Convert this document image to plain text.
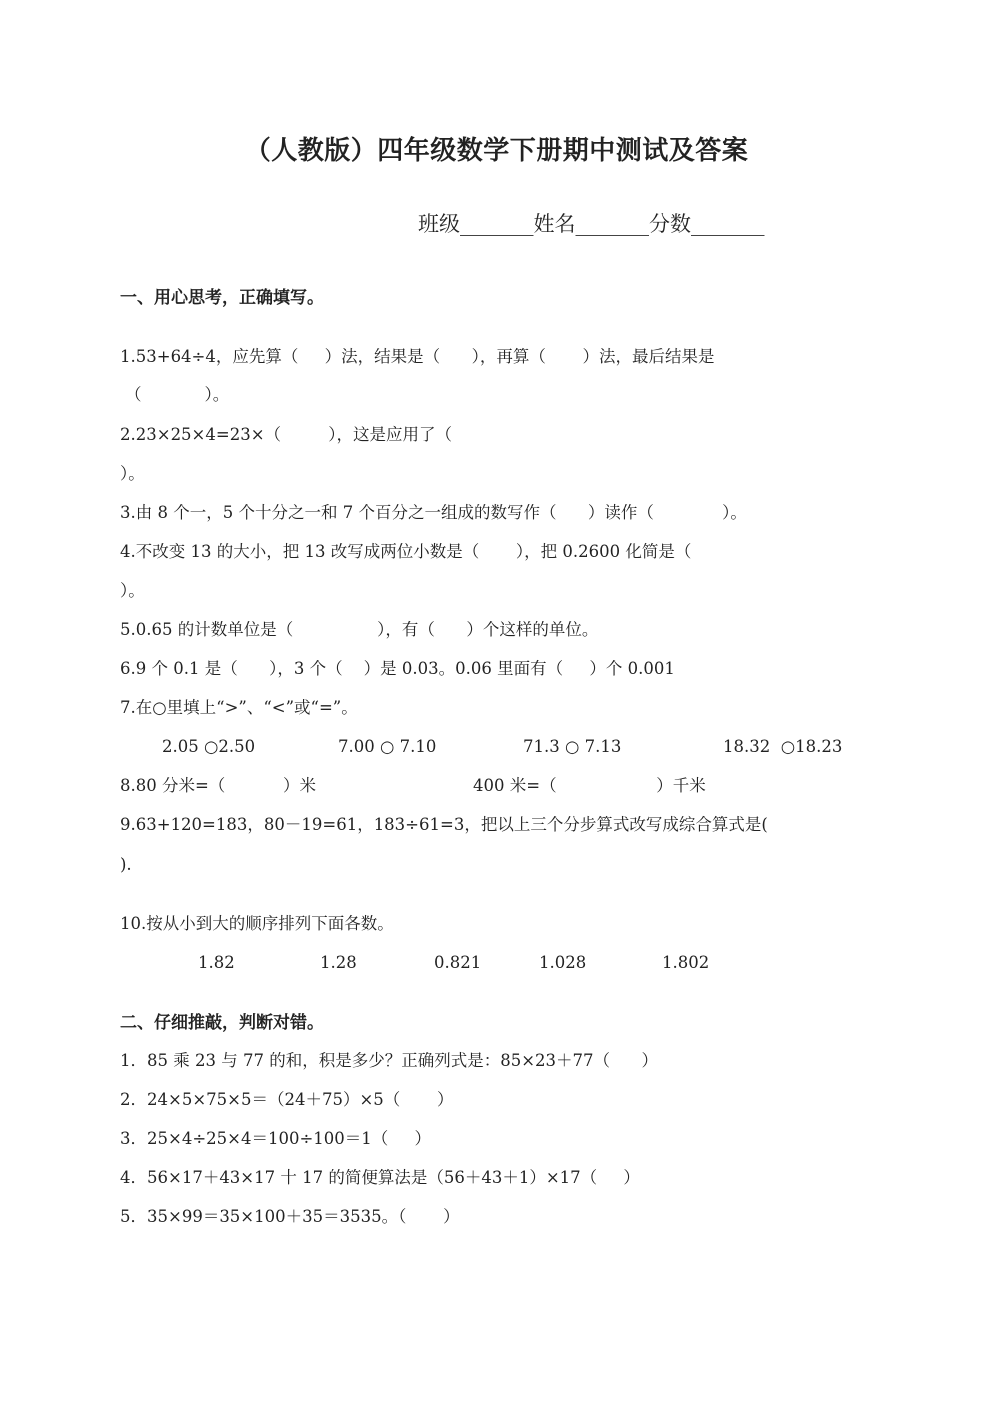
（人教版）四年级数学下册期中测试及答案
班级_______姓名_______分数_______
一、用心思考，正确填写。
1.53+64÷4，应先算（     ）法，结果是（      ），再算（       ）法，最后结果是
（            ）。
2.23×25×4=23×（         ），这是应用了（
）。
3.由 8 个一，5 个十分之一和 7 个百分之一组成的数写作（      ）读作（             ）。
4.不改变 13 的大小，把 13 改写成两位小数是（       ），把 0.2600 化简是（
）。
5.0.65 的计数单位是（                ），有（      ）个这样的单位。
6.9 个 0.1 是（      ），3 个（    ）是 0.03。0.06 里面有（     ）个 0.001
7.在○里填上“>”、“<”或“=”。
2.05 ○2.50	7.00 ○ 7.10	71.3 ○ 7.13	18.32  ○18.23
8.80 分米=（           ）米	400 米=（                   ）千米
9.63+120=183，80－19=61，183÷61=3，把以上三个分步算式改写成综合算式是(
).
10.按从小到大的顺序排列下面各数。
1.82	1.28	0.821	1.028	1.802
二、仔细推敲，判断对错。
1．85 乘 23 与 77 的和，积是多少？正确列式是：85×23＋77（      ）
2．24×5×75×5＝（24＋75）×5（       ）
3．25×4÷25×4＝100÷100＝1（     ）
4．56×17＋43×17 十 17 的简便算法是（56＋43＋1）×17（     ）
5．35×99＝35×100＋35＝3535。（       ）
